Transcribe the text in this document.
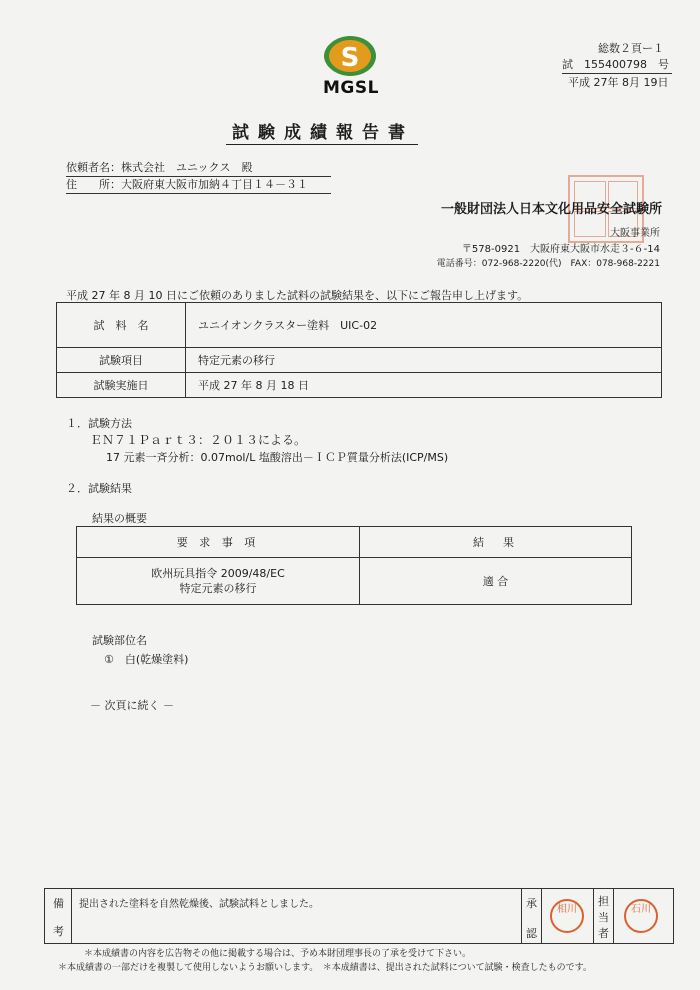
S
MGSL
総数２頁ー１
試　155400798　号
平成 27年 8月 19日
試験成績報告書
依頼者名：株式会社　ユニックス　殿
住　　所：大阪府東大阪市加納４丁目１４－３１
一般財団法人日本文化用品安全試験所
大阪事業所
〒578-0921　大阪府東大阪市水走３-６-14
電話番号：072-968-2220(代)　FAX：078-968-2221
平成 27 年 8 月 10 日にご依頼のありました試料の試験結果を、以下にご報告申し上げます。
試　料　名	ユニイオンクラスター塗料　UIC-02
試験項目	特定元素の移行
試験実施日	平成 27 年 8 月 18 日
１．試験方法
ＥＮ７１Ｐａｒｔ３：２０１３による。
17 元素一斉分析：0.07mol/L 塩酸溶出－ＩＣＰ質量分析法(ICP/MS)
２．試験結果
結果の概要
要 求 事 項	結　果

欧州玩具指令 2009/48/EC
特定元素の移行	適 合
試験部位名
①　白(乾燥塗料)
－ 次頁に続く －
備
考
提出された塗料を自然乾燥後、試験試料としました。	承
認
相川
担
当
者
石川
＊本成績書の内容を広告物その他に掲載する場合は、予め本財団理事長の了承を受けて下さい。
＊本成績書の一部だけを複製して使用しないようお願いします。　＊本成績書は、提出された試料について試験・検査したものです。
